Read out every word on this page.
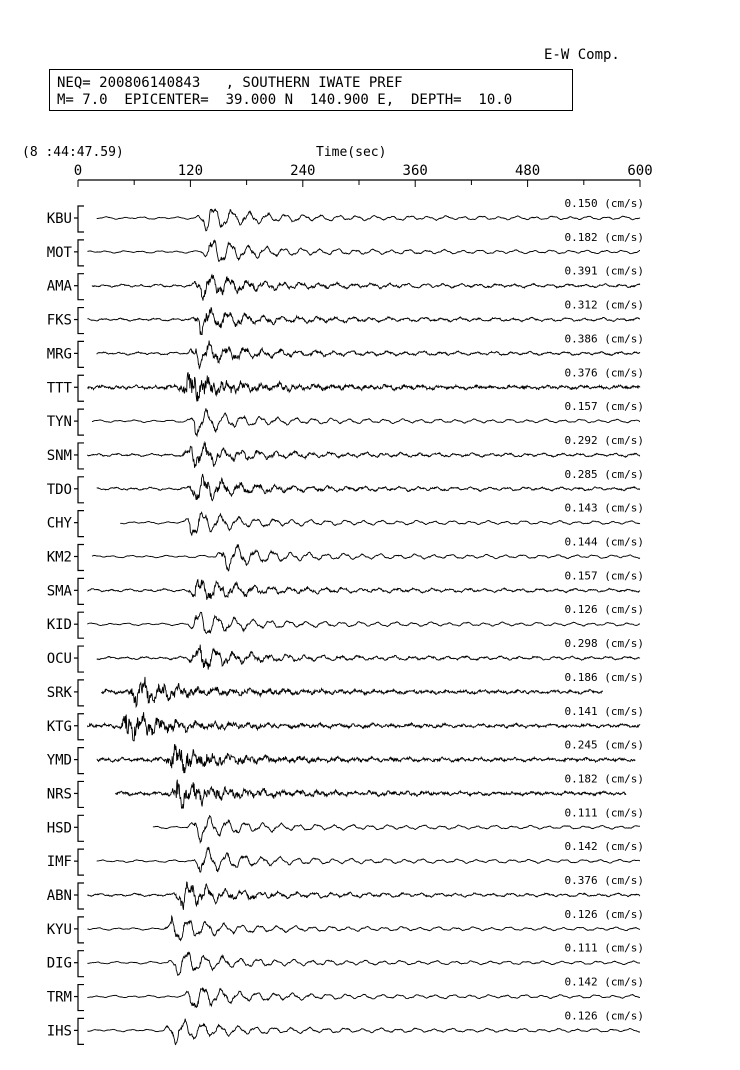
E-W Comp.
NEQ= 200806140843   , SOUTHERN IWATE PREF
M= 7.0  EPICENTER=  39.000 N  140.900 E,  DEPTH=  10.0
(8 :44:47.59)	Time(sec)
0	120	240	360	480	600
KBU
0.150 (cm/s)
MOT
0.182 (cm/s)
AMA
0.391 (cm/s)
FKS
0.312 (cm/s)
MRG
0.386 (cm/s)
TTT
0.376 (cm/s)
TYN
0.157 (cm/s)
SNM
0.292 (cm/s)
TDO
0.285 (cm/s)
CHY
0.143 (cm/s)
KM2
0.144 (cm/s)
SMA
0.157 (cm/s)
KID
0.126 (cm/s)
OCU
0.298 (cm/s)
SRK
0.186 (cm/s)
KTG
0.141 (cm/s)
YMD
0.245 (cm/s)
NRS
0.182 (cm/s)
HSD
0.111 (cm/s)
IMF
0.142 (cm/s)
ABN
0.376 (cm/s)
KYU
0.126 (cm/s)
DIG
0.111 (cm/s)
TRM
0.142 (cm/s)
IHS
0.126 (cm/s)
